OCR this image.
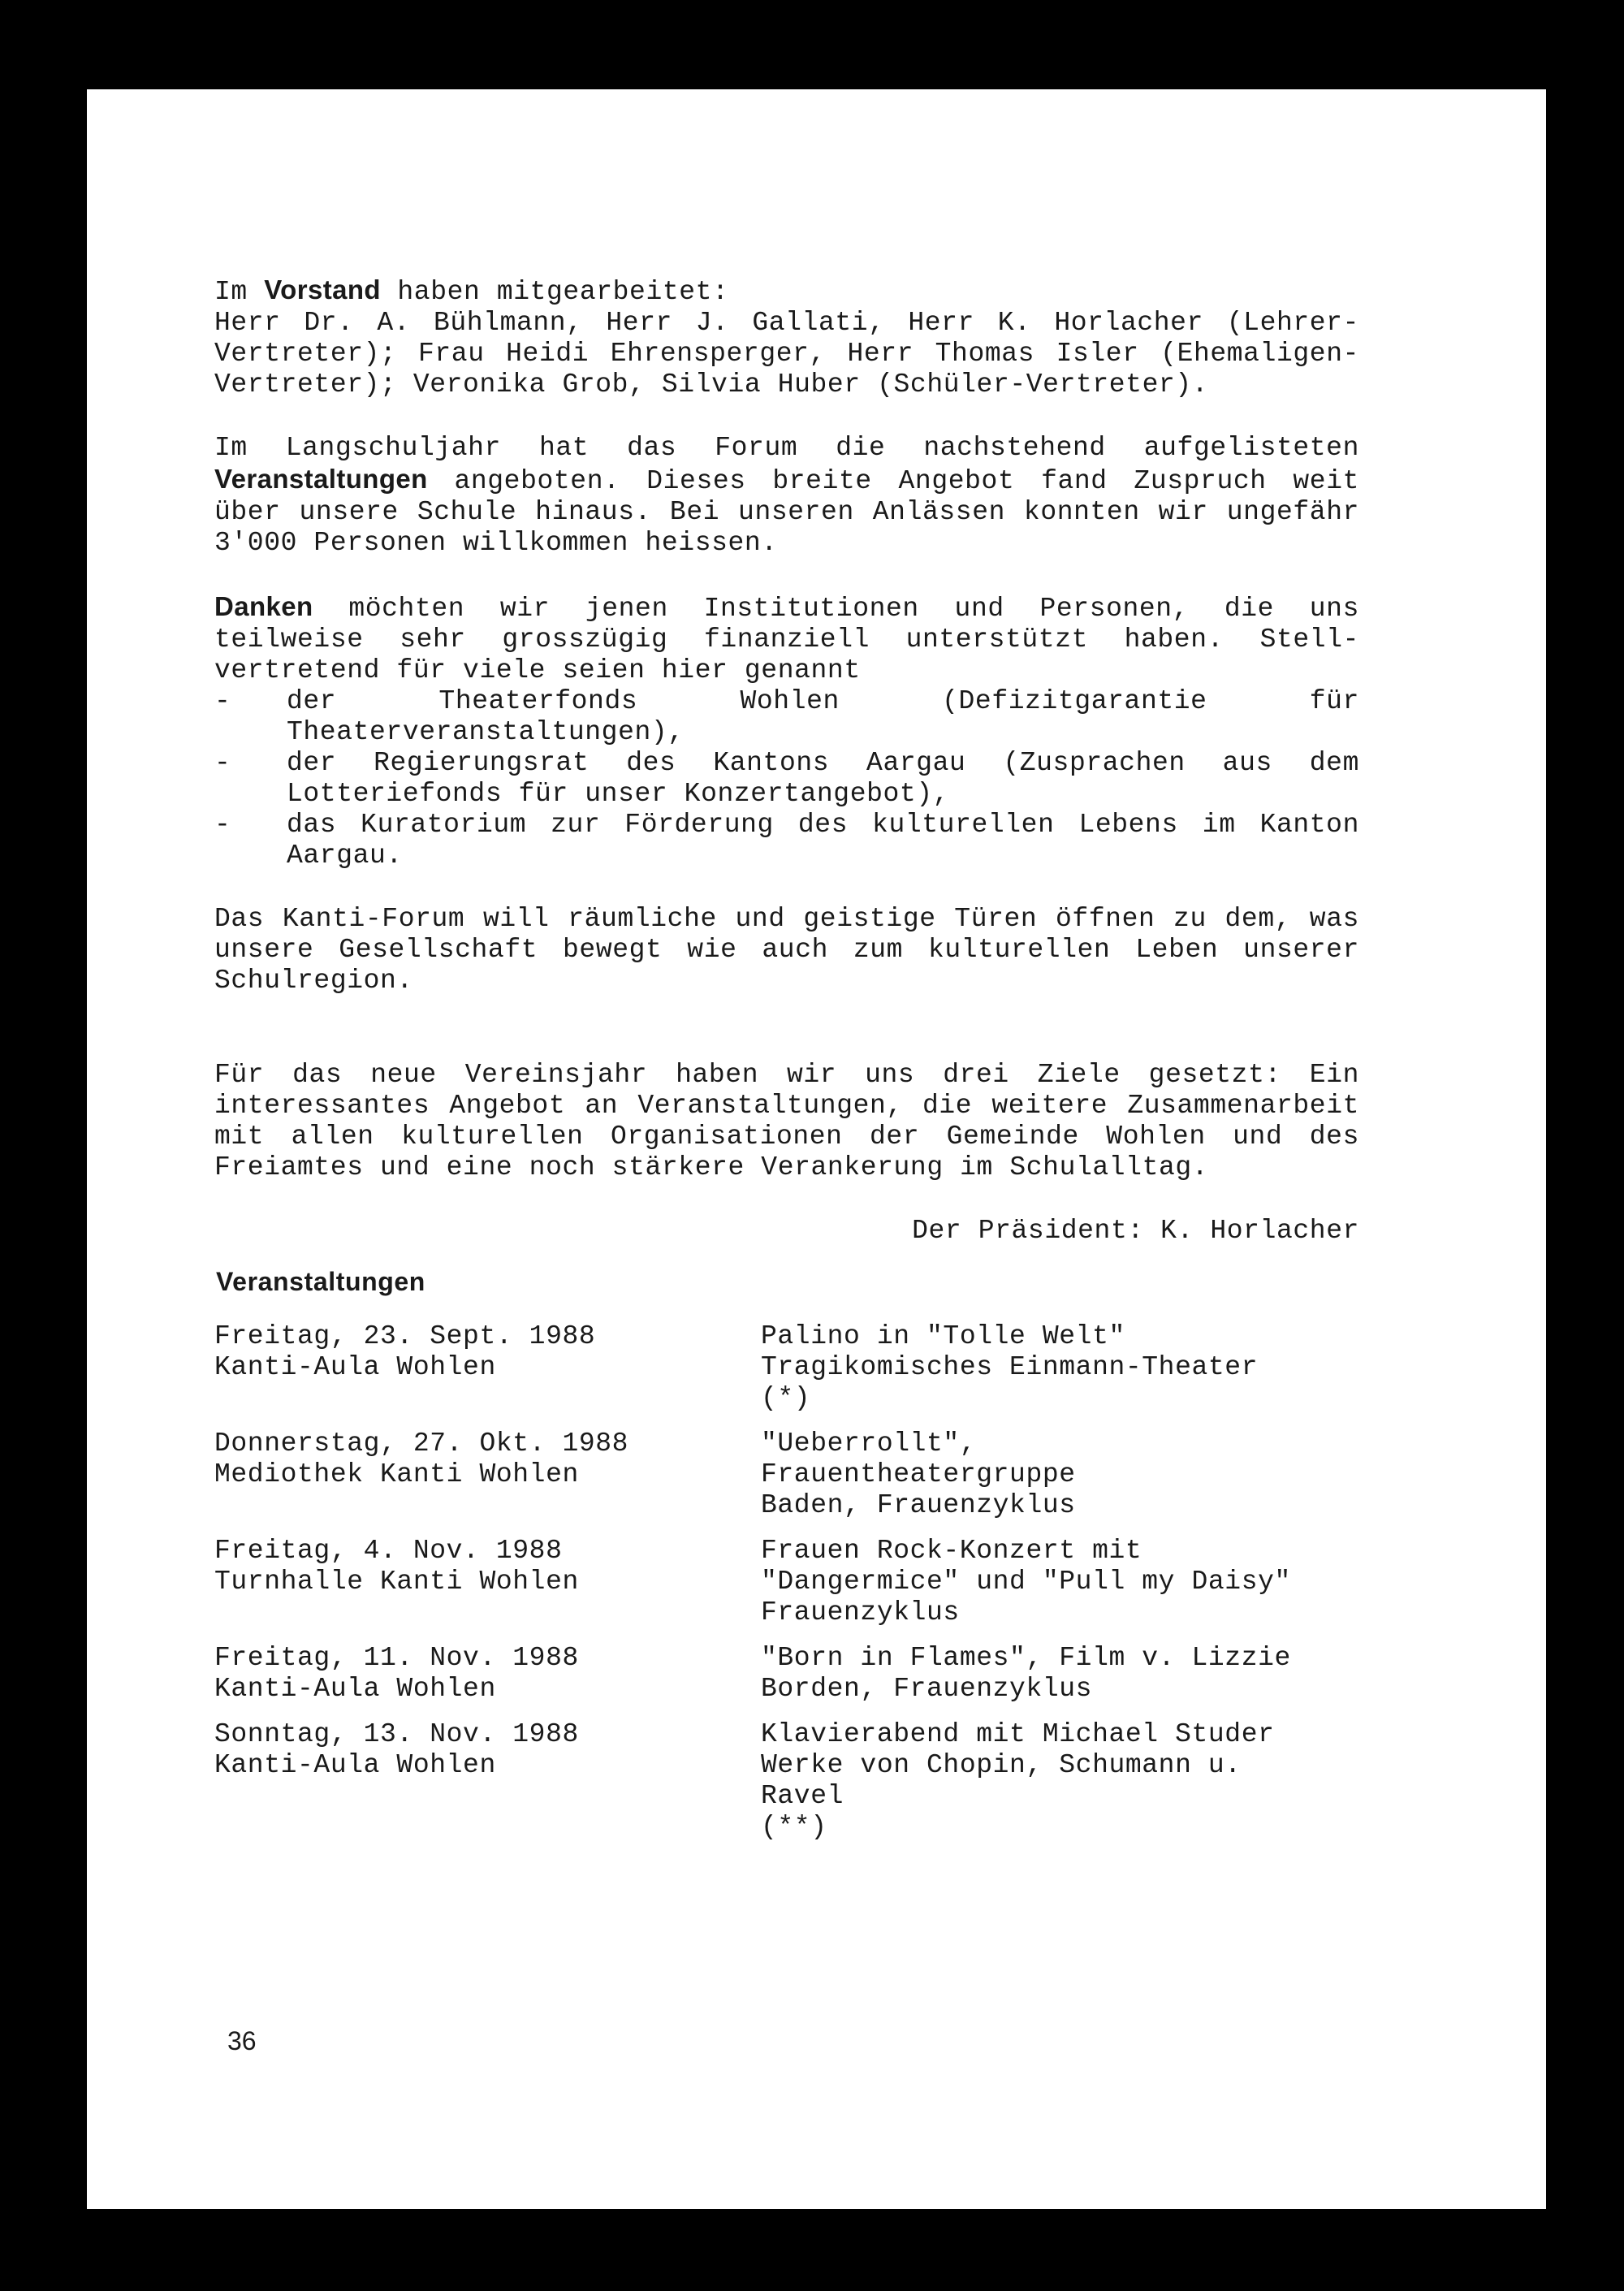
Im Vorstand haben mitgearbeitet:

Herr Dr. A. Bühlmann, Herr J. Gallati, Herr K. Horlacher (Lehrer-Vertreter); Frau Heidi Ehrensperger, Herr Thomas Isler (Ehemaligen-Vertreter); Veronika Grob, Silvia Huber (Schüler-Vertreter).

Im Langschuljahr hat das Forum die nachstehend aufgelisteten Veranstaltungen angeboten. Dieses breite Angebot fand Zuspruch weit über unsere Schule hinaus. Bei unseren Anlässen konnten wir ungefähr 3'000 Personen willkommen heissen.

Danken möchten wir jenen Institutionen und Personen, die uns teilweise sehr grosszügig finanziell unterstützt haben. Stell-vertretend für viele seien hier genannt

- der Theaterfonds Wohlen (Defizitgarantie für Theaterveranstaltungen),
- der Regierungsrat des Kantons Aargau (Zusprachen aus dem Lotteriefonds für unser Konzertangebot),
- das Kuratorium zur Förderung des kulturellen Lebens im Kanton Aargau.

Das Kanti-Forum will räumliche und geistige Türen öffnen zu dem, was unsere Gesellschaft bewegt wie auch zum kulturellen Leben unserer Schulregion.

Für das neue Vereinsjahr haben wir uns drei Ziele gesetzt: Ein interessantes Angebot an Veranstaltungen, die weitere Zusammenarbeit mit allen kulturellen Organisationen der Gemeinde Wohlen und des Freiamtes und eine noch stärkere Verankerung im Schulalltag.

Der Präsident: K. Horlacher

Veranstaltungen
Freitag, 23. Sept. 1988
Kanti-Aula Wohlen
Palino in "Tolle Welt"
Tragikomisches Einmann-Theater
(*)
Donnerstag, 27. Okt. 1988
Mediothek Kanti Wohlen
"Ueberrollt",
Frauentheatergruppe
Baden, Frauenzyklus
Freitag, 4. Nov. 1988
Turnhalle Kanti Wohlen
Frauen Rock-Konzert mit
"Dangermice" und "Pull my Daisy"
Frauenzyklus
Freitag, 11. Nov. 1988
Kanti-Aula Wohlen
"Born in Flames", Film v. Lizzie
Borden, Frauenzyklus
Sonntag, 13. Nov. 1988
Kanti-Aula Wohlen
Klavierabend mit Michael Studer
Werke von Chopin, Schumann u.
Ravel
(**)
36
